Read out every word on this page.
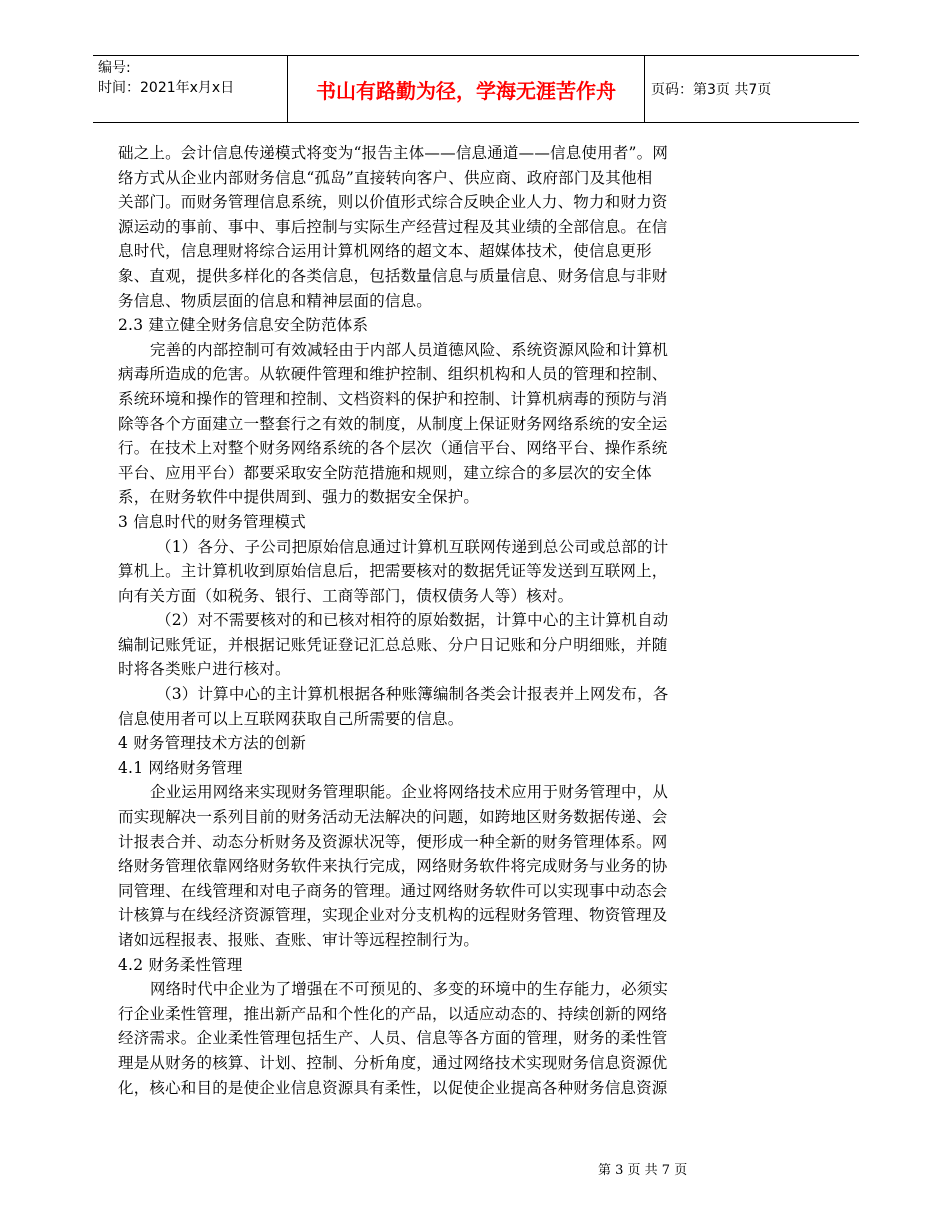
编号:
时间：2021年x月x日	书山有路勤为径，学海无涯苦作舟	页码：第3页 共7页
础之上。会计信息传递模式将变为“报告主体——信息通道——信息使用者”。网
络方式从企业内部财务信息“孤岛”直接转向客户、供应商、政府部门及其他相
关部门。而财务管理信息系统，则以价值形式综合反映企业人力、物力和财力资
源运动的事前、事中、事后控制与实际生产经营过程及其业绩的全部信息。在信
息时代，信息理财将综合运用计算机网络的超文本、超媒体技术，使信息更形
象、直观，提供多样化的各类信息，包括数量信息与质量信息、财务信息与非财
务信息、物质层面的信息和精神层面的信息。
2.3 建立健全财务信息安全防范体系
完善的内部控制可有效减轻由于内部人员道德风险、系统资源风险和计算机
病毒所造成的危害。从软硬件管理和维护控制、组织机构和人员的管理和控制、
系统环境和操作的管理和控制、文档资料的保护和控制、计算机病毒的预防与消
除等各个方面建立一整套行之有效的制度，从制度上保证财务网络系统的安全运
行。在技术上对整个财务网络系统的各个层次（通信平台、网络平台、操作系统
平台、应用平台）都要采取安全防范措施和规则，建立综合的多层次的安全体
系，在财务软件中提供周到、强力的数据安全保护。
3 信息时代的财务管理模式
（1）各分、子公司把原始信息通过计算机互联网传递到总公司或总部的计
算机上。主计算机收到原始信息后，把需要核对的数据凭证等发送到互联网上，
向有关方面（如税务、银行、工商等部门，债权债务人等）核对。
（2）对不需要核对的和已核对相符的原始数据，计算中心的主计算机自动
编制记账凭证，并根据记账凭证登记汇总总账、分户日记账和分户明细账，并随
时将各类账户进行核对。
（3）计算中心的主计算机根据各种账簿编制各类会计报表并上网发布，各
信息使用者可以上互联网获取自己所需要的信息。
4 财务管理技术方法的创新
4.1 网络财务管理
企业运用网络来实现财务管理职能。企业将网络技术应用于财务管理中，从
而实现解决一系列目前的财务活动无法解决的问题，如跨地区财务数据传递、会
计报表合并、动态分析财务及资源状况等，便形成一种全新的财务管理体系。网
络财务管理依靠网络财务软件来执行完成，网络财务软件将完成财务与业务的协
同管理、在线管理和对电子商务的管理。通过网络财务软件可以实现事中动态会
计核算与在线经济资源管理，实现企业对分支机构的远程财务管理、物资管理及
诸如远程报表、报账、查账、审计等远程控制行为。
4.2 财务柔性管理
网络时代中企业为了增强在不可预见的、多变的环境中的生存能力，必须实
行企业柔性管理，推出新产品和个性化的产品，以适应动态的、持续创新的网络
经济需求。企业柔性管理包括生产、人员、信息等各方面的管理，财务的柔性管
理是从财务的核算、计划、控制、分析角度，通过网络技术实现财务信息资源优
化，核心和目的是使企业信息资源具有柔性，以促使企业提高各种财务信息资源
第 3 页 共 7 页
